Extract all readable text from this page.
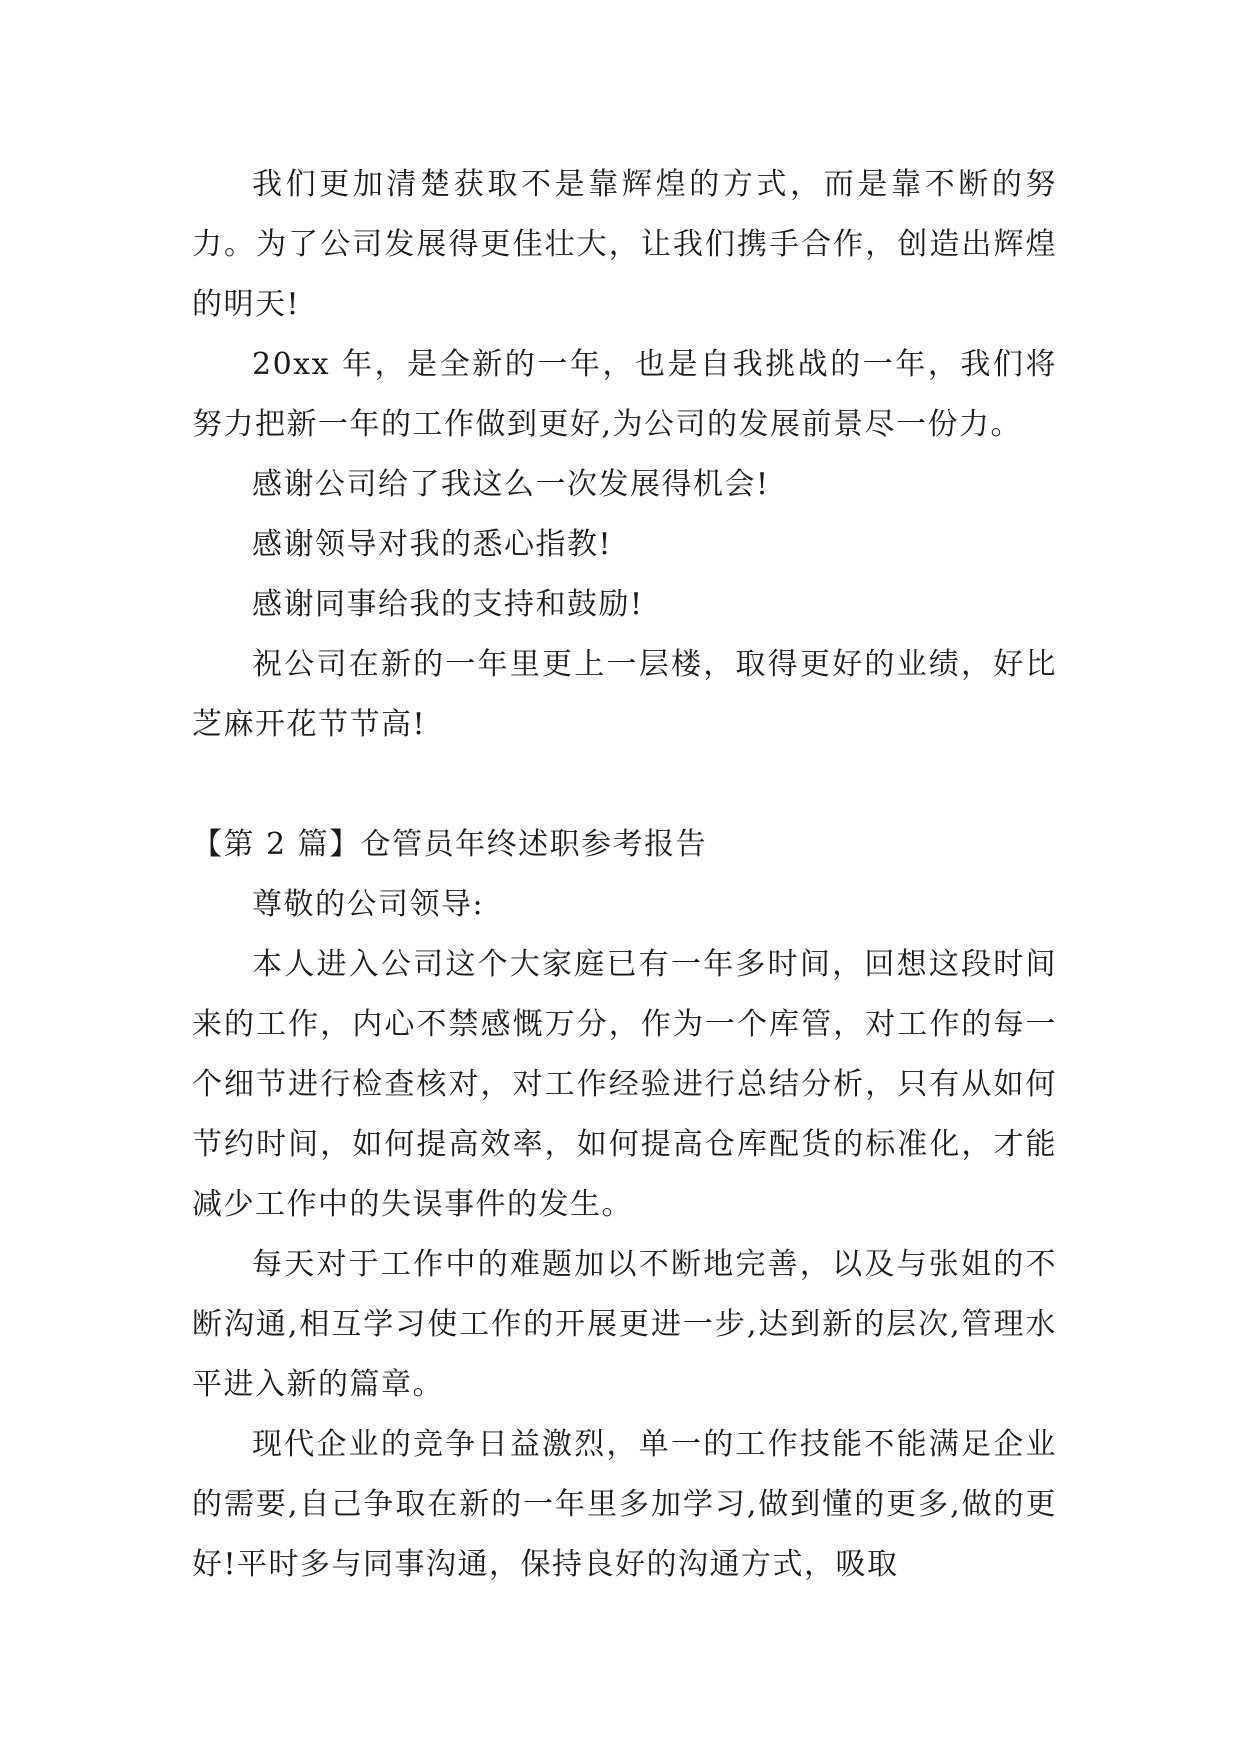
我们更加清楚获取不是靠辉煌的方式，而是靠不断的努力。为了公司发展得更佳壮大，让我们携手合作，创造出辉煌的明天!

20xx 年，是全新的一年，也是自我挑战的一年，我们将努力把新一年的工作做到更好,为公司的发展前景尽一份力。

感谢公司给了我这么一次发展得机会!

感谢领导对我的悉心指教!

感谢同事给我的支持和鼓励!

祝公司在新的一年里更上一层楼，取得更好的业绩，好比芝麻开花节节高!

【第 2 篇】仓管员年终述职参考报告

尊敬的公司领导:

本人进入公司这个大家庭已有一年多时间，回想这段时间来的工作，内心不禁感慨万分，作为一个库管，对工作的每一个细节进行检查核对，对工作经验进行总结分析，只有从如何节约时间，如何提高效率，如何提高仓库配货的标准化，才能减少工作中的失误事件的发生。

每天对于工作中的难题加以不断地完善，以及与张姐的不断沟通,相互学习使工作的开展更进一步,达到新的层次,管理水平进入新的篇章。

现代企业的竞争日益激烈，单一的工作技能不能满足企业的需要,自己争取在新的一年里多加学习,做到懂的更多,做的更好!平时多与同事沟通，保持良好的沟通方式，吸取
